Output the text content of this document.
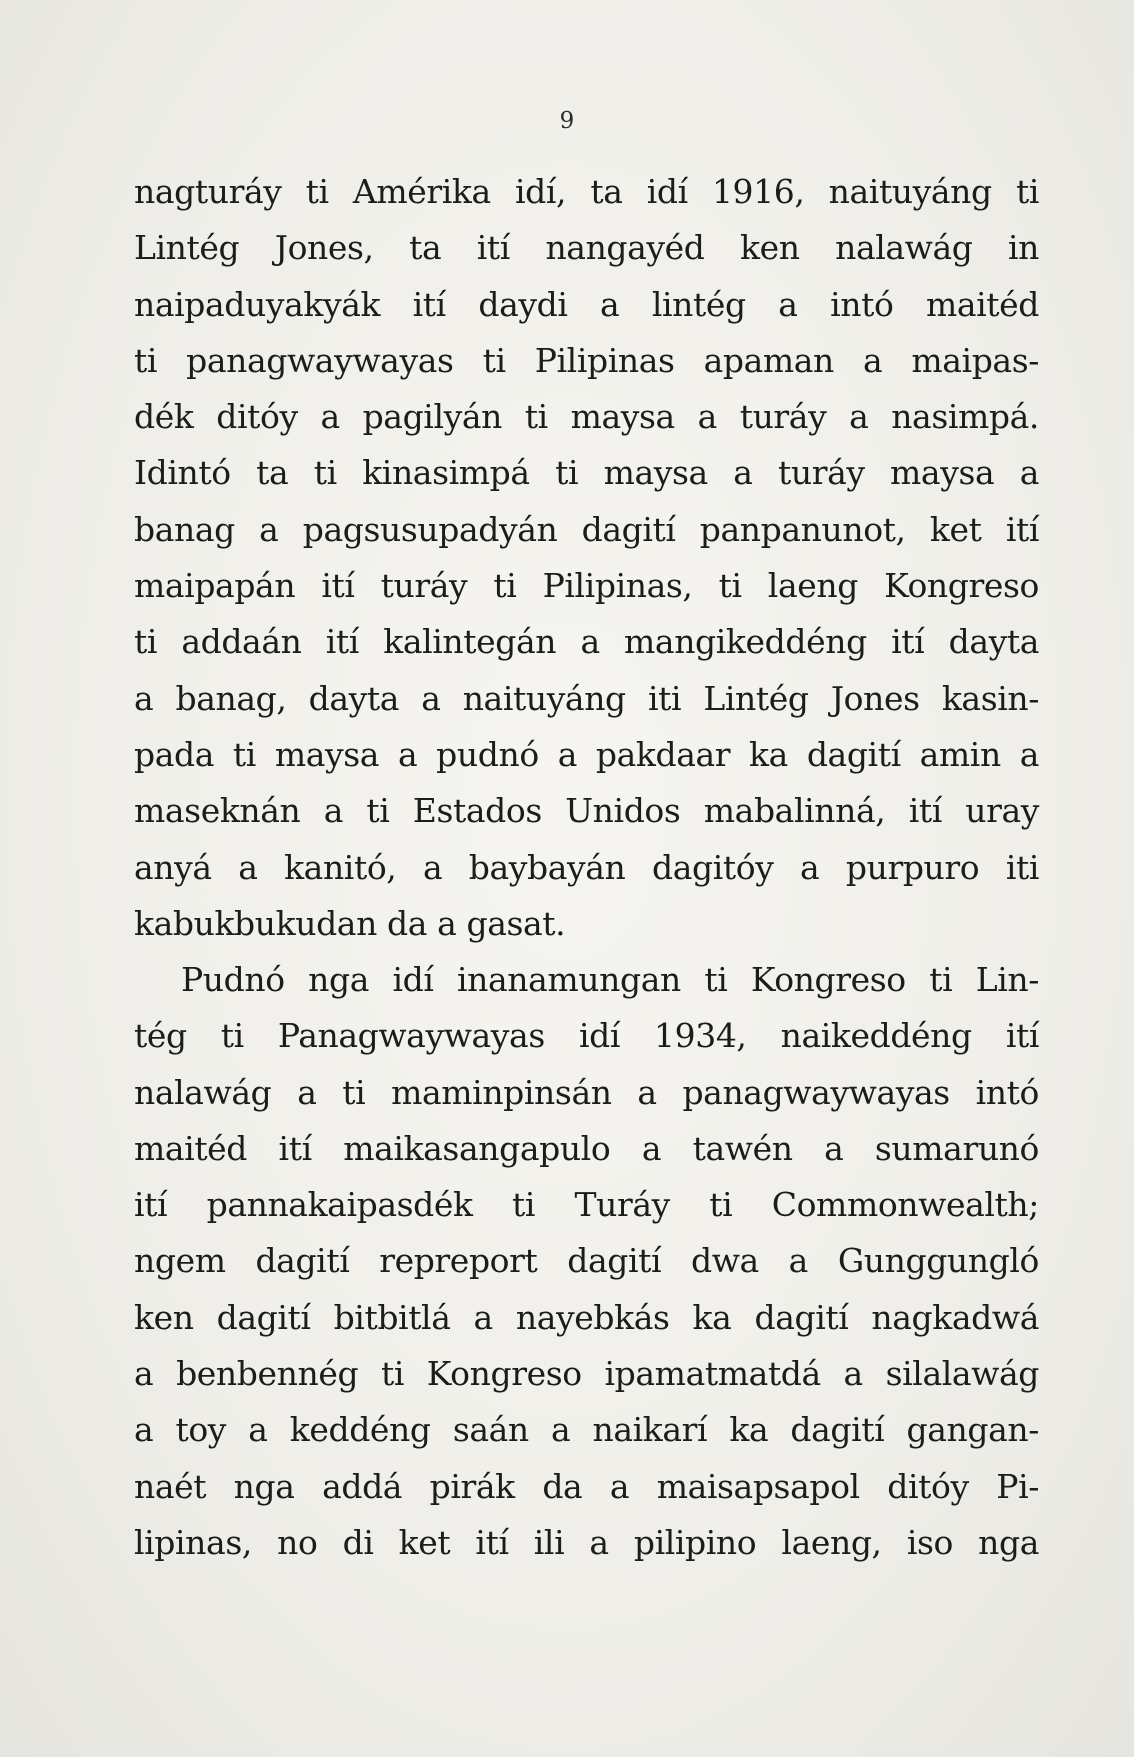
9
nagturáy ti Amérika idí, ta idí 1916, naituyáng ti
Lintég Jones, ta ití nangayéd ken nalawág in
naipaduyakyák ití daydi a lintég a intó maitéd
ti panagwaywayas ti Pilipinas apaman a maipas-
dék ditóy a pagilyán ti maysa a turáy a nasimpá.
Idintó ta ti kinasimpá ti maysa a turáy maysa a
banag a pagsusupadyán dagití panpanunot, ket ití
maipapán ití turáy ti Pilipinas, ti laeng Kongreso
ti addaán ití kalintegán a mangikeddéng ití dayta
a banag, dayta a naituyáng iti Lintég Jones kasin-
pada ti maysa a pudnó a pakdaar ka dagití amin a
maseknán a ti Estados Unidos mabalinná, ití uray
anyá a kanitó, a baybayán dagitóy a purpuro iti
kabukbukudan da a gasat.
Pudnó nga idí inanamungan ti Kongreso ti Lin-
tég ti Panagwaywayas idí 1934, naikeddéng ití
nalawág a ti maminpinsán a panagwaywayas intó
maitéd ití maikasangapulo a tawén a sumarunó
ití pannakaipasdék ti Turáy ti Commonwealth;
ngem dagití repreport dagití dwa a Gunggungló
ken dagití bitbitlá a nayebkás ka dagití nagkadwá
a benbennég ti Kongreso ipamatmatdá a silalawág
a toy a keddéng saán a naikarí ka dagití gangan-
naét nga addá pirák da a maisapsapol ditóy Pi-
lipinas, no di ket ití ili a pilipino laeng, iso nga
